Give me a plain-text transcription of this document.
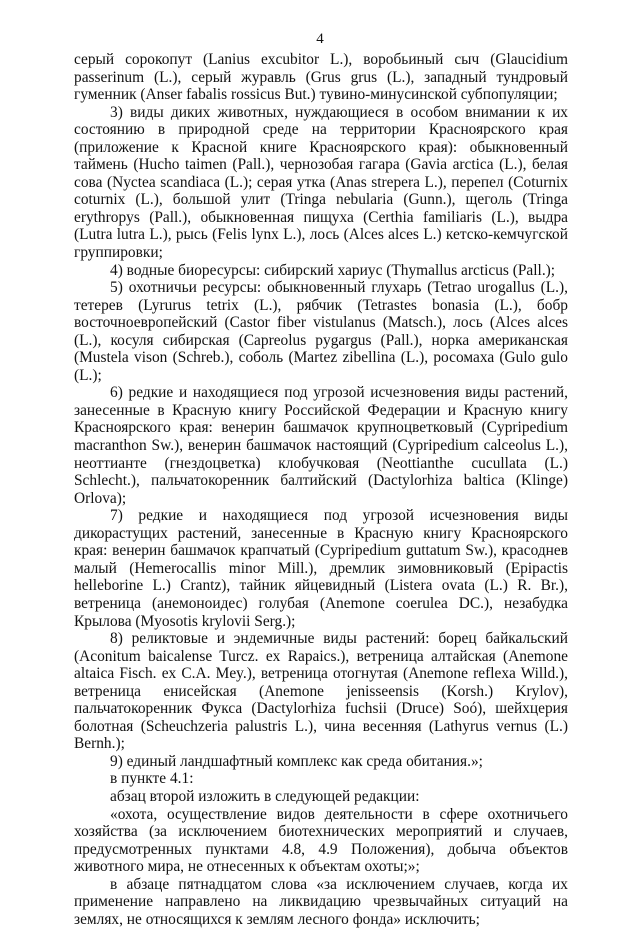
4

серый сорокопут (Lanius excubitor L.), воробьиный сыч (Glaucidium passerinum (L.), серый журавль (Grus grus (L.), западный тундровый гуменник (Anser fabalis rossicus But.) тувино-минусинской субпопуляции;

3) виды диких животных, нуждающиеся в особом внимании к их состоянию в природной среде на территории Красноярского края (приложение к Красной книге Красноярского края): обыкновенный таймень (Hucho taimen (Pall.), чернозобая гагара (Gavia arctica (L.), белая сова (Nyctea scandiaca (L.); серая утка (Anas strepera L.), перепел (Coturnix coturnix (L.), большой улит (Tringa nebularia (Gunn.), щеголь (Tringa erythropys (Pall.), обыкновенная пищуха (Certhia familiaris (L.), выдра (Lutra lutra L.), рысь (Felis lynx L.), лось (Alces alces L.) кетско-кемчугской группировки;

4) водные биоресурсы: сибирский хариус (Thymallus arcticus (Pall.);

5) охотничьи ресурсы: обыкновенный глухарь (Tetrao urogallus (L.), тетерев (Lyrurus tetrix (L.), рябчик (Tetrastes bonasia (L.), бобр восточноевропейский (Castor fiber vistulanus (Matsch.), лось (Alces alces (L.), косуля сибирская (Capreolus pygargus (Pall.), норка американская (Mustela vison (Schreb.), соболь (Martez zibellina (L.), росомаха (Gulo gulo (L.);

6) редкие и находящиеся под угрозой исчезновения виды растений, занесенные в Красную книгу Российской Федерации и Красную книгу Красноярского края: венерин башмачок крупноцветковый (Cypripedium macranthon Sw.), венерин башмачок настоящий (Cypripedium calceolus L.), неоттианте (гнездоцветка) клобучковая (Neottianthe cucullata (L.) Schlecht.), пальчатокоренник балтийский (Dactylorhiza baltica (Klinge) Orlova);

7) редкие и находящиеся под угрозой исчезновения виды дикорастущих растений, занесенные в Красную книгу Красноярского края: венерин башмачок крапчатый (Cypripedium guttatum Sw.), красоднев малый (Hemerocallis minor Mill.), дремлик зимовниковый (Epipactis helleborine L.) Crantz), тайник яйцевидный (Listera ovata (L.) R. Br.), ветреница (анемоноидес) голубая (Anemone coerulea DC.), незабудка Крылова (Myosotis krylovii Serg.);

8) реликтовые и эндемичные виды растений: борец байкальский (Aconitum baicalense Turcz. ex Rapaics.), ветреница алтайская (Anemone altaica Fisch. ex C.A. Mey.), ветреница отогнутая (Anemone reflexa Willd.), ветреница енисейская (Anemone jenisseensis (Korsh.) Krylov), пальчатокоренник Фукса (Dactylorhiza fuchsii (Druce) Soó), шейхцерия болотная (Scheuchzeria palustris L.), чина весенняя (Lathyrus vernus (L.) Bernh.);

9) единый ландшафтный комплекс как среда обитания.»;

в пункте 4.1:

абзац второй изложить в следующей редакции:

«охота, осуществление видов деятельности в сфере охотничьего хозяйства (за исключением биотехнических мероприятий и случаев, предусмотренных пунктами 4.8, 4.9 Положения), добыча объектов животного мира, не отнесенных к объектам охоты;»;

в абзаце пятнадцатом слова «за исключением случаев, когда их применение направлено на ликвидацию чрезвычайных ситуаций на землях, не относящихся к землям лесного фонда» исключить;
